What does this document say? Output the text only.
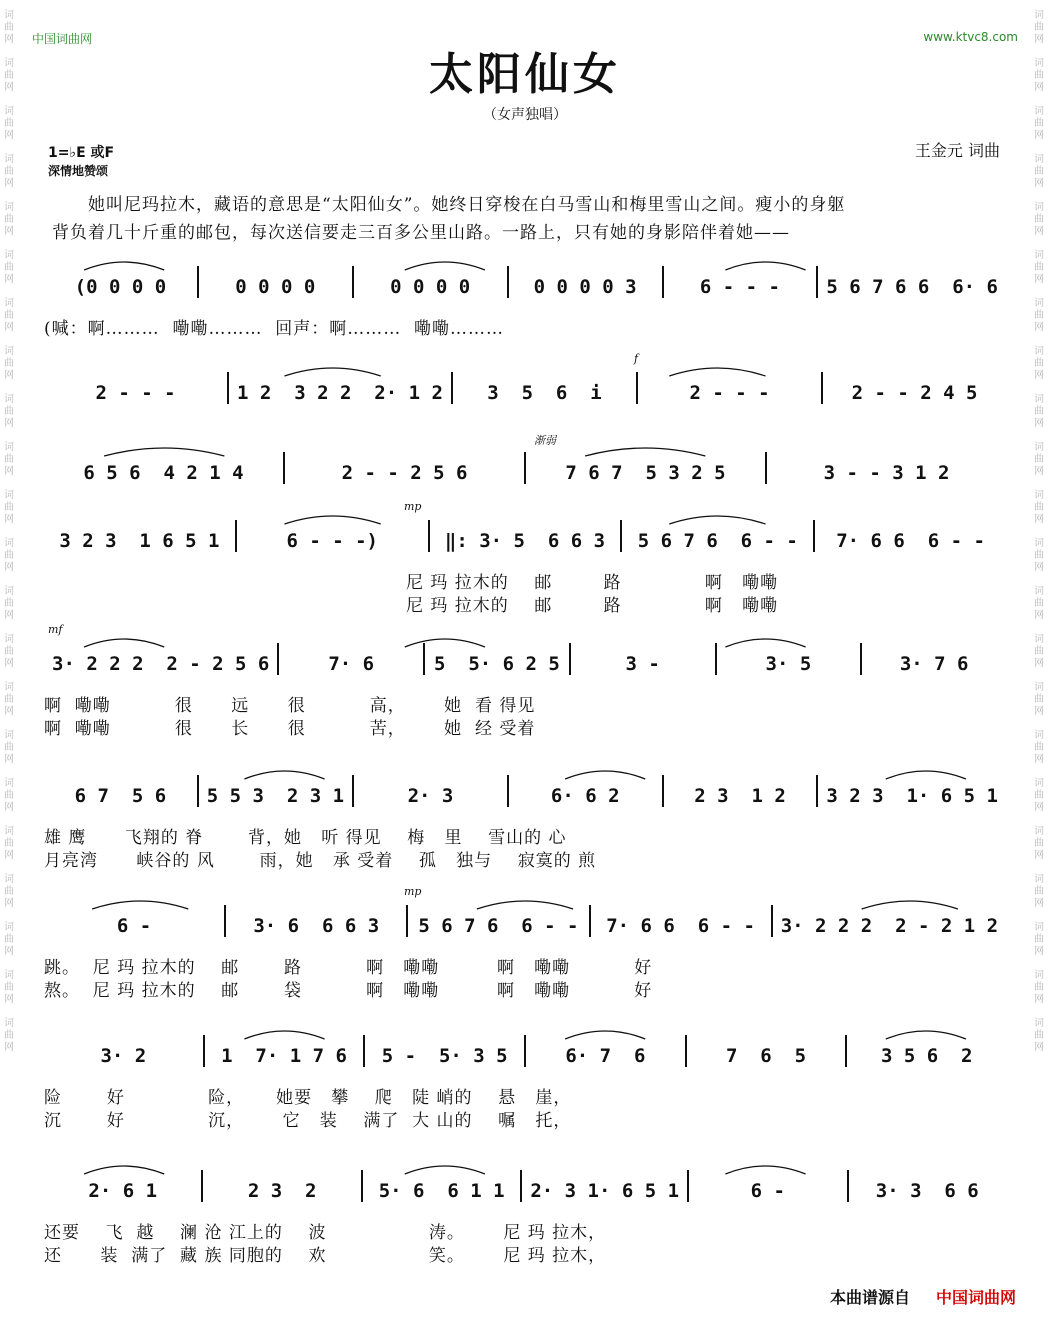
词
曲
网

词
曲
网

词
曲
网

词
曲
网

词
曲
网

词
曲
网

词
曲
网

词
曲
网

词
曲
网

词
曲
网

词
曲
网

词
曲
网

词
曲
网

词
曲
网

词
曲
网

词
曲
网

词
曲
网

词
曲
网

词
曲
网

词
曲
网

词
曲
网

词
曲
网
词
曲
网

词
曲
网

词
曲
网

词
曲
网

词
曲
网

词
曲
网

词
曲
网

词
曲
网

词
曲
网

词
曲
网

词
曲
网

词
曲
网

词
曲
网

词
曲
网

词
曲
网

词
曲
网

词
曲
网

词
曲
网

词
曲
网

词
曲
网

词
曲
网

词
曲
网
中国词曲网	www.ktvc8.com
太阳仙女
（女声独唱）
1=♭E 或F
深情地赞颂
王金元 词曲
她叫尼玛拉木，藏语的意思是“太阳仙女”。她终日穿梭在白马雪山和梅里雪山之间。瘦小的身躯
背负着几十斤重的邮包，每次送信要走三百多公里山路。一路上，只有她的身影陪伴着她——
(0 0 0 0	0 0 0 0	0 0 0 0	0 0 0 0 3	6 - - -	5 6 7 6 6  6· 6
(喊：啊………  嘞嘞………  回声：啊………  嘞嘞………
2 - - -	1 2  3 2 2  2· 1 2	3  5  6  i	2 - - -	2 - - 2 4 5
f
6 5 6  4 2 1 4	2 - - 2 5 6	7 6 7  5 3 2 5	3 - - 3 1 2
渐弱
3 2 3  1 6 5 1	6 - - -)	‖: 3· 5  6 6 3	5 6 7 6  6 - -	7· 6 6  6 - -
mp
尼 玛 拉木的    邮        路             啊   嘞嘞
尼 玛 拉木的    邮        路             啊   嘞嘞
3· 2 2 2  2 - 2 5 6	7· 6	5  5· 6 2 5	3 -	3· 5	3· 7 6
mf
啊  嘞嘞          很      远      很          高，      她  看 得见
啊  嘞嘞          很      长      很          苦，      她  经 受着
6 7  5 6	5 5 3  2 3 1	2· 3	6· 6 2	2 3  1 2	3 2 3  1· 6 5 1
雄 鹰      飞翔的 脊       背，她   听 得见    梅   里    雪山的 心
月亮湾      峡谷的 风       雨，她   承 受着    孤   独与    寂寞的 煎
6 -	3· 6  6 6 3	5 6 7 6  6 - -	7· 6 6  6 - -	3· 2 2 2  2 - 2 1 2
mp
跳。  尼 玛 拉木的    邮       路          啊   嘞嘞         啊   嘞嘞          好
熬。  尼 玛 拉木的    邮       袋          啊   嘞嘞         啊   嘞嘞          好
3· 2	1  7· 1 7 6	5 -  5· 3 5	6· 7  6	7  6  5	3 5 6  2
险       好             险，     她要   攀    爬   陡 峭的    悬   崖，
沉       好             沉，      它   装    满了  大 山的    嘱   托，
2· 6 1	2 3  2	5· 6  6 1 1	2· 3 1· 6 5 1	6 -	3· 3  6 6
还要    飞  越    澜 沧 江上的    波                涛。      尼 玛 拉木，
还      装  满了  藏 族 同胞的    欢                笑。      尼 玛 拉木，
本曲谱源自 中国词曲网
